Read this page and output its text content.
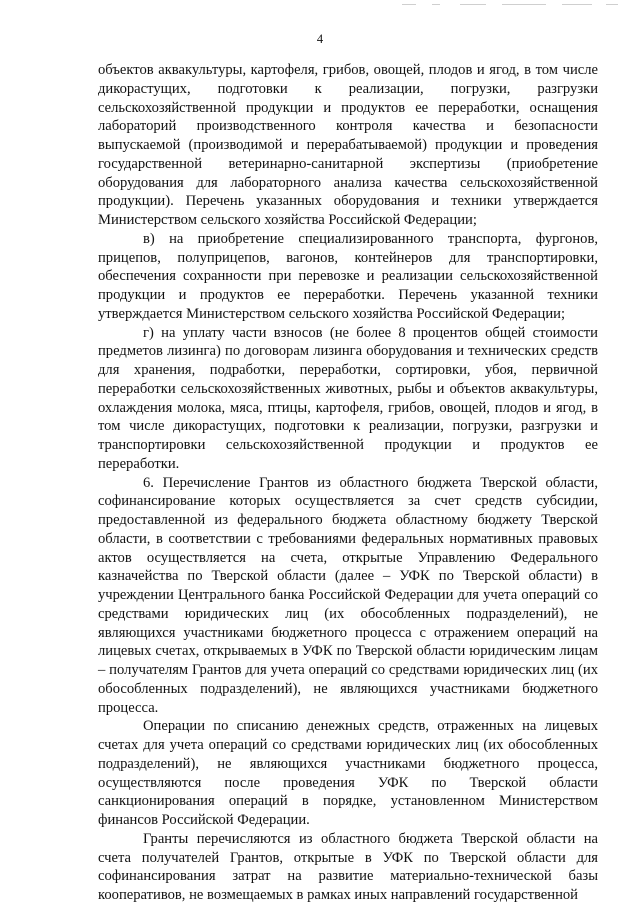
4

объектов аквакультуры, картофеля, грибов, овощей, плодов и ягод, в том числе дикорастущих, подготовки к реализации, погрузки, разгрузки сельскохозяйственной продукции и продуктов ее переработки, оснащения лабораторий производственного контроля качества и безопасности выпускаемой (производимой и перерабатываемой) продукции и проведения государственной ветеринарно-санитарной экспертизы (приобретение оборудования для лабораторного анализа качества сельскохозяйственной продукции). Перечень указанных оборудования и техники утверждается Министерством сельского хозяйства Российской Федерации;

в) на приобретение специализированного транспорта, фургонов, прицепов, полуприцепов, вагонов, контейнеров для транспортировки, обеспечения сохранности при перевозке и реализации сельскохозяйственной продукции и продуктов ее переработки. Перечень указанной техники утверждается Министерством сельского хозяйства Российской Федерации;

г) на уплату части взносов (не более 8 процентов общей стоимости предметов лизинга) по договорам лизинга оборудования и технических средств для хранения, подработки, переработки, сортировки, убоя, первичной переработки сельскохозяйственных животных, рыбы и объектов аквакультуры, охлаждения молока, мяса, птицы, картофеля, грибов, овощей, плодов и ягод, в том числе дикорастущих, подготовки к реализации, погрузки, разгрузки и транспортировки сельскохозяйственной продукции и продуктов ее переработки.

6. Перечисление Грантов из областного бюджета Тверской области, софинансирование которых осуществляется за счет средств субсидии, предоставленной из федерального бюджета областному бюджету Тверской области, в соответствии с требованиями федеральных нормативных правовых актов осуществляется на счета, открытые Управлению Федерального казначейства по Тверской области (далее – УФК по Тверской области) в учреждении Центрального банка Российской Федерации для учета операций со средствами юридических лиц (их обособленных подразделений), не являющихся участниками бюджетного процесса с отражением операций на лицевых счетах, открываемых в УФК по Тверской области юридическим лицам – получателям Грантов для учета операций со средствами юридических лиц (их обособленных подразделений), не являющихся участниками бюджетного процесса.

Операции по списанию денежных средств, отраженных на лицевых счетах для учета операций со средствами юридических лиц (их обособленных подразделений), не являющихся участниками бюджетного процесса, осуществляются после проведения УФК по Тверской области санкционирования операций в порядке, установленном Министерством финансов Российской Федерации.

Гранты перечисляются из областного бюджета Тверской области на счета получателей Грантов, открытые в УФК по Тверской области для софинансирования затрат на развитие материально-технической базы кооперативов, не возмещаемых в рамках иных направлений государственной
